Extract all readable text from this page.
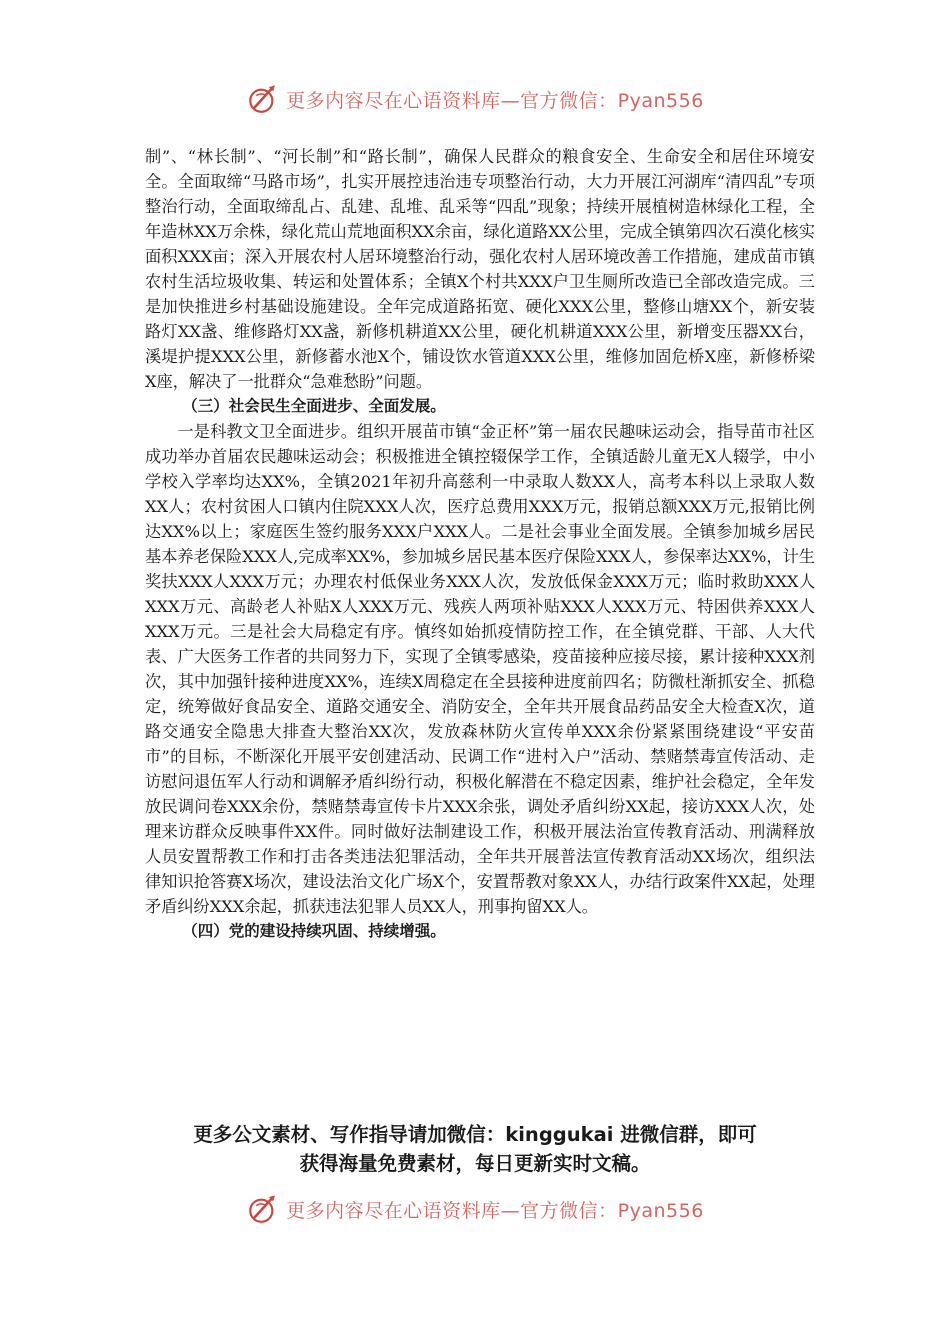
更多内容尽在心语资料库—官方微信：Pyan556

制”、“林长制”、“河长制”和“路长制”，确保人民群众的粮食安全、生命安全和居住环境安全。全面取缔“马路市场”，扎实开展控违治违专项整治行动，大力开展江河湖库“清四乱”专项整治行动，全面取缔乱占、乱建、乱堆、乱采等“四乱”现象；持续开展植树造林绿化工程，全年造林XX万余株，绿化荒山荒地面积XX余亩，绿化道路XX公里，完成全镇第四次石漠化核实面积XXX亩；深入开展农村人居环境整治行动，强化农村人居环境改善工作措施，建成苗市镇农村生活垃圾收集、转运和处置体系；全镇X个村共XXX户卫生厕所改造已全部改造完成。三是加快推进乡村基础设施建设。全年完成道路拓宽、硬化XXX公里，整修山塘XX个，新安装路灯XX盏、维修路灯XX盏，新修机耕道XX公里，硬化机耕道XXX公里，新增变压器XX台，溪堤护提XXX公里，新修蓄水池X个，铺设饮水管道XXX公里，维修加固危桥X座，新修桥梁X座，解决了一批群众“急难愁盼”问题。

（三）社会民生全面进步、全面发展。

一是科教文卫全面进步。组织开展苗市镇“金正杯”第一届农民趣味运动会，指导苗市社区成功举办首届农民趣味运动会；积极推进全镇控辍保学工作，全镇适龄儿童无X人辍学，中小学校入学率均达XX%，全镇2021年初升高慈利一中录取人数XX人，高考本科以上录取人数XX人；农村贫困人口镇内住院XXX人次，医疗总费用XXX万元，报销总额XXX万元,报销比例达XX%以上；家庭医生签约服务XXX户XXX人。二是社会事业全面发展。全镇参加城乡居民基本养老保险XXX人,完成率XX%，参加城乡居民基本医疗保险XXX人，参保率达XX%，计生奖扶XXX人XXX万元；办理农村低保业务XXX人次，发放低保金XXX万元；临时救助XXX人XXX万元、高龄老人补贴X人XXX万元、残疾人两项补贴XXX人XXX万元、特困供养XXX人XXX万元。三是社会大局稳定有序。慎终如始抓疫情防控工作，在全镇党群、干部、人大代表、广大医务工作者的共同努力下，实现了全镇零感染，疫苗接种应接尽接，累计接种XXX剂次，其中加强针接种进度XX%，连续X周稳定在全县接种进度前四名；防微杜渐抓安全、抓稳定，统筹做好食品安全、道路交通安全、消防安全，全年共开展食品药品安全大检查X次，道路交通安全隐患大排查大整治XX次，发放森林防火宣传单XXX余份紧紧围绕建设“平安苗市”的目标，不断深化开展平安创建活动、民调工作“进村入户”活动、禁赌禁毒宣传活动、走访慰问退伍军人行动和调解矛盾纠纷行动，积极化解潜在不稳定因素，维护社会稳定，全年发放民调问卷XXX余份，禁赌禁毒宣传卡片XXX余张，调处矛盾纠纷XX起，接访XXX人次，处理来访群众反映事件XX件。同时做好法制建设工作，积极开展法治宣传教育活动、刑满释放人员安置帮教工作和打击各类违法犯罪活动，全年共开展普法宣传教育活动XX场次，组织法律知识抢答赛X场次，建设法治文化广场X个，安置帮教对象XX人，办结行政案件XX起，处理矛盾纠纷XXX余起，抓获违法犯罪人员XX人，刑事拘留XX人。

（四）党的建设持续巩固、持续增强。

更多公文素材、写作指导请加微信：kinggukai 进微信群，即可
获得海量免费素材，每日更新实时文稿。
更多内容尽在心语资料库—官方微信：Pyan556
